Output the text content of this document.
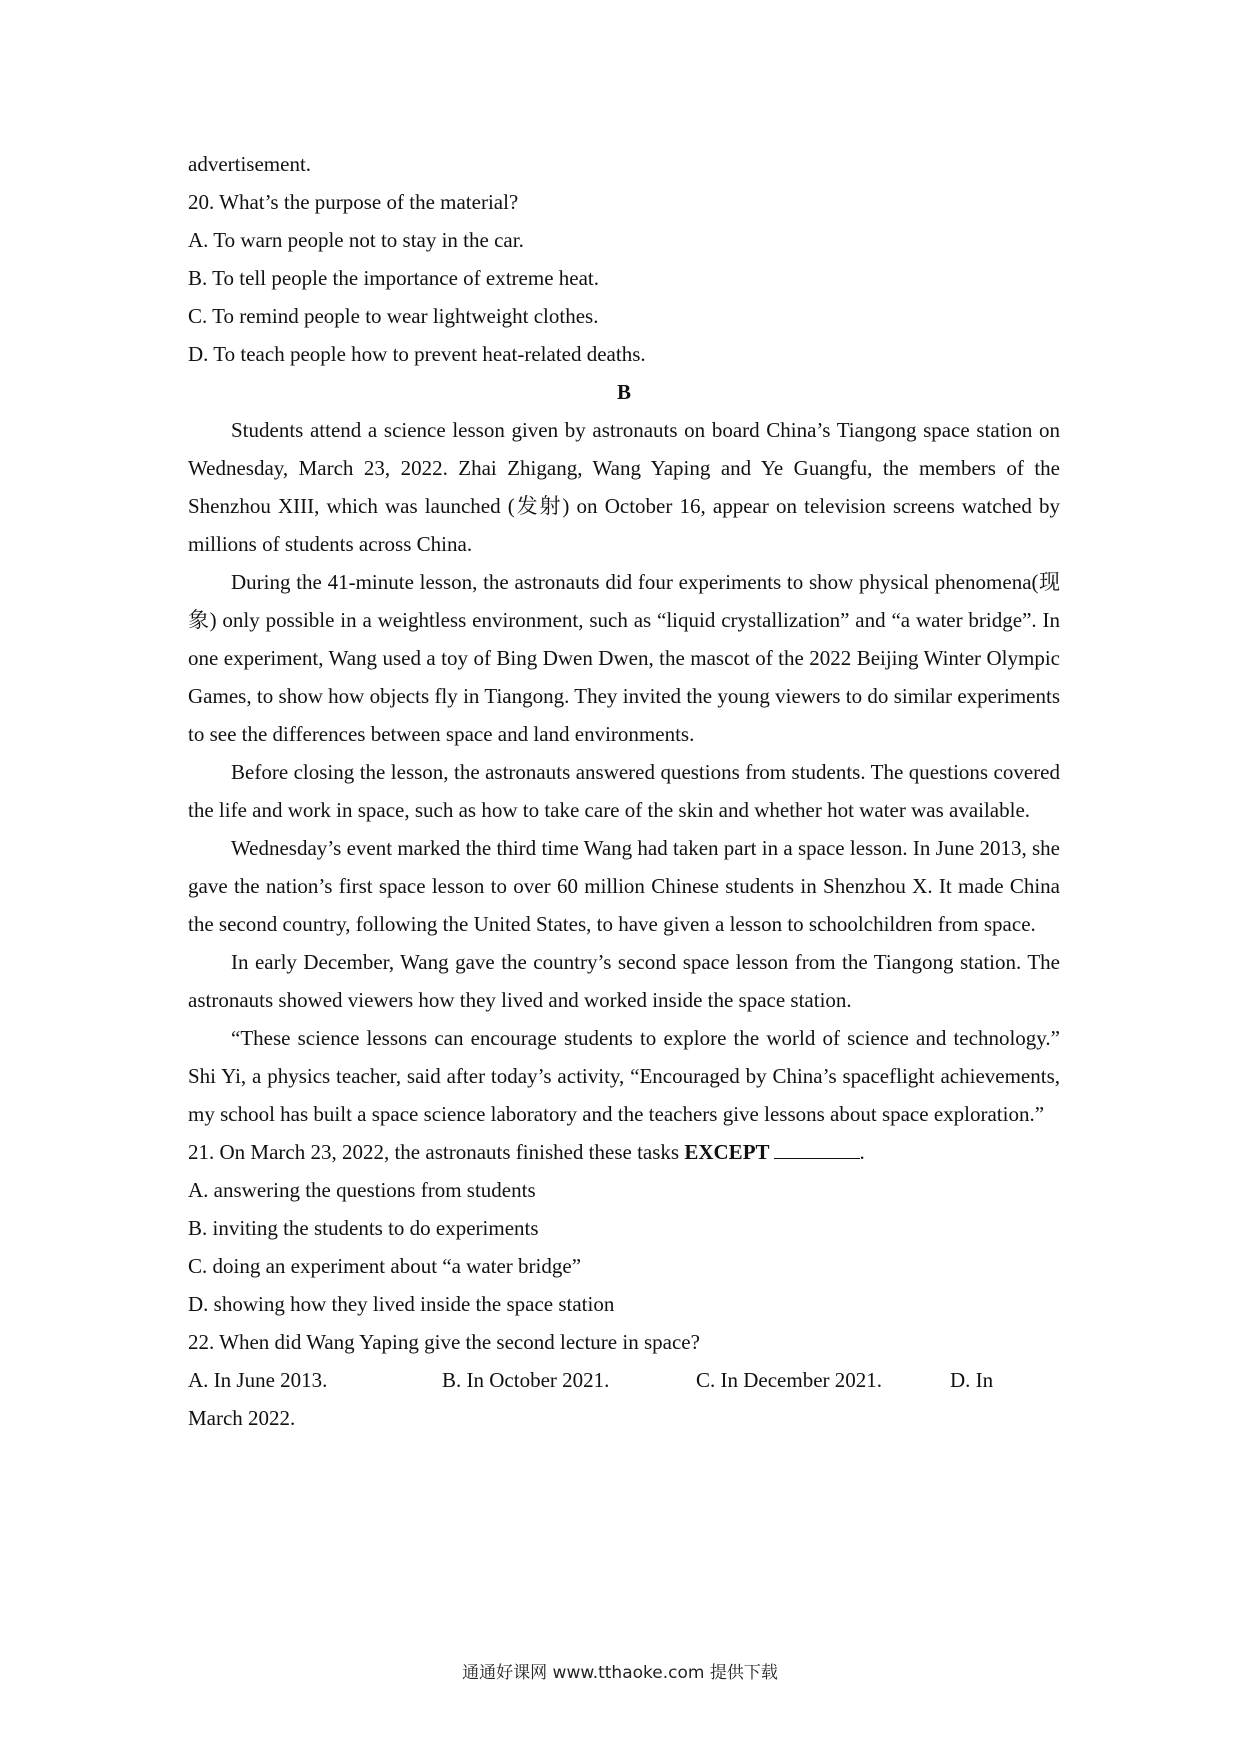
advertisement.

20. What’s the purpose of the material?

A. To warn people not to stay in the car.

B. To tell people the importance of extreme heat.

C. To remind people to wear lightweight clothes.

D. To teach people how to prevent heat-related deaths.

B

Students attend a science lesson given by astronauts on board China’s Tiangong space station on Wednesday, March 23, 2022. Zhai Zhigang, Wang Yaping and Ye Guangfu, the members of the Shenzhou XIII, which was launched (发射) on October 16, appear on television screens watched by millions of students across China.

During the 41-minute lesson, the astronauts did four experiments to show physical phenomena(现象) only possible in a weightless environment, such as “liquid crystallization” and “a water bridge”. In one experiment, Wang used a toy of Bing Dwen Dwen, the mascot of the 2022 Beijing Winter Olympic Games, to show how objects fly in Tiangong. They invited the young viewers to do similar experiments to see the differences between space and land environments.

Before closing the lesson, the astronauts answered questions from students. The questions covered the life and work in space, such as how to take care of the skin and whether hot water was available.

Wednesday’s event marked the third time Wang had taken part in a space lesson. In June 2013, she gave the nation’s first space lesson to over 60 million Chinese students in Shenzhou X. It made China the second country, following the United States, to have given a lesson to schoolchildren from space.

In early December, Wang gave the country’s second space lesson from the Tiangong station. The astronauts showed viewers how they lived and worked inside the space station.

“These science lessons can encourage students to explore the world of science and technology.” Shi Yi, a physics teacher, said after today’s activity, “Encouraged by China’s spaceflight achievements, my school has built a space science laboratory and the teachers give lessons about space exploration.”

21. On March 23, 2022, the astronauts finished these tasks EXCEPT	.

A. answering the questions from students

B. inviting the students to do experiments

C. doing an experiment about “a water bridge”

D. showing how they lived inside the space station

22. When did Wang Yaping give the second lecture in space?

A. In June 2013.	B. In October 2021.	C. In December 2021.	D. In

March 2022.

通通好课网 www.tthaoke.com 提供下载
